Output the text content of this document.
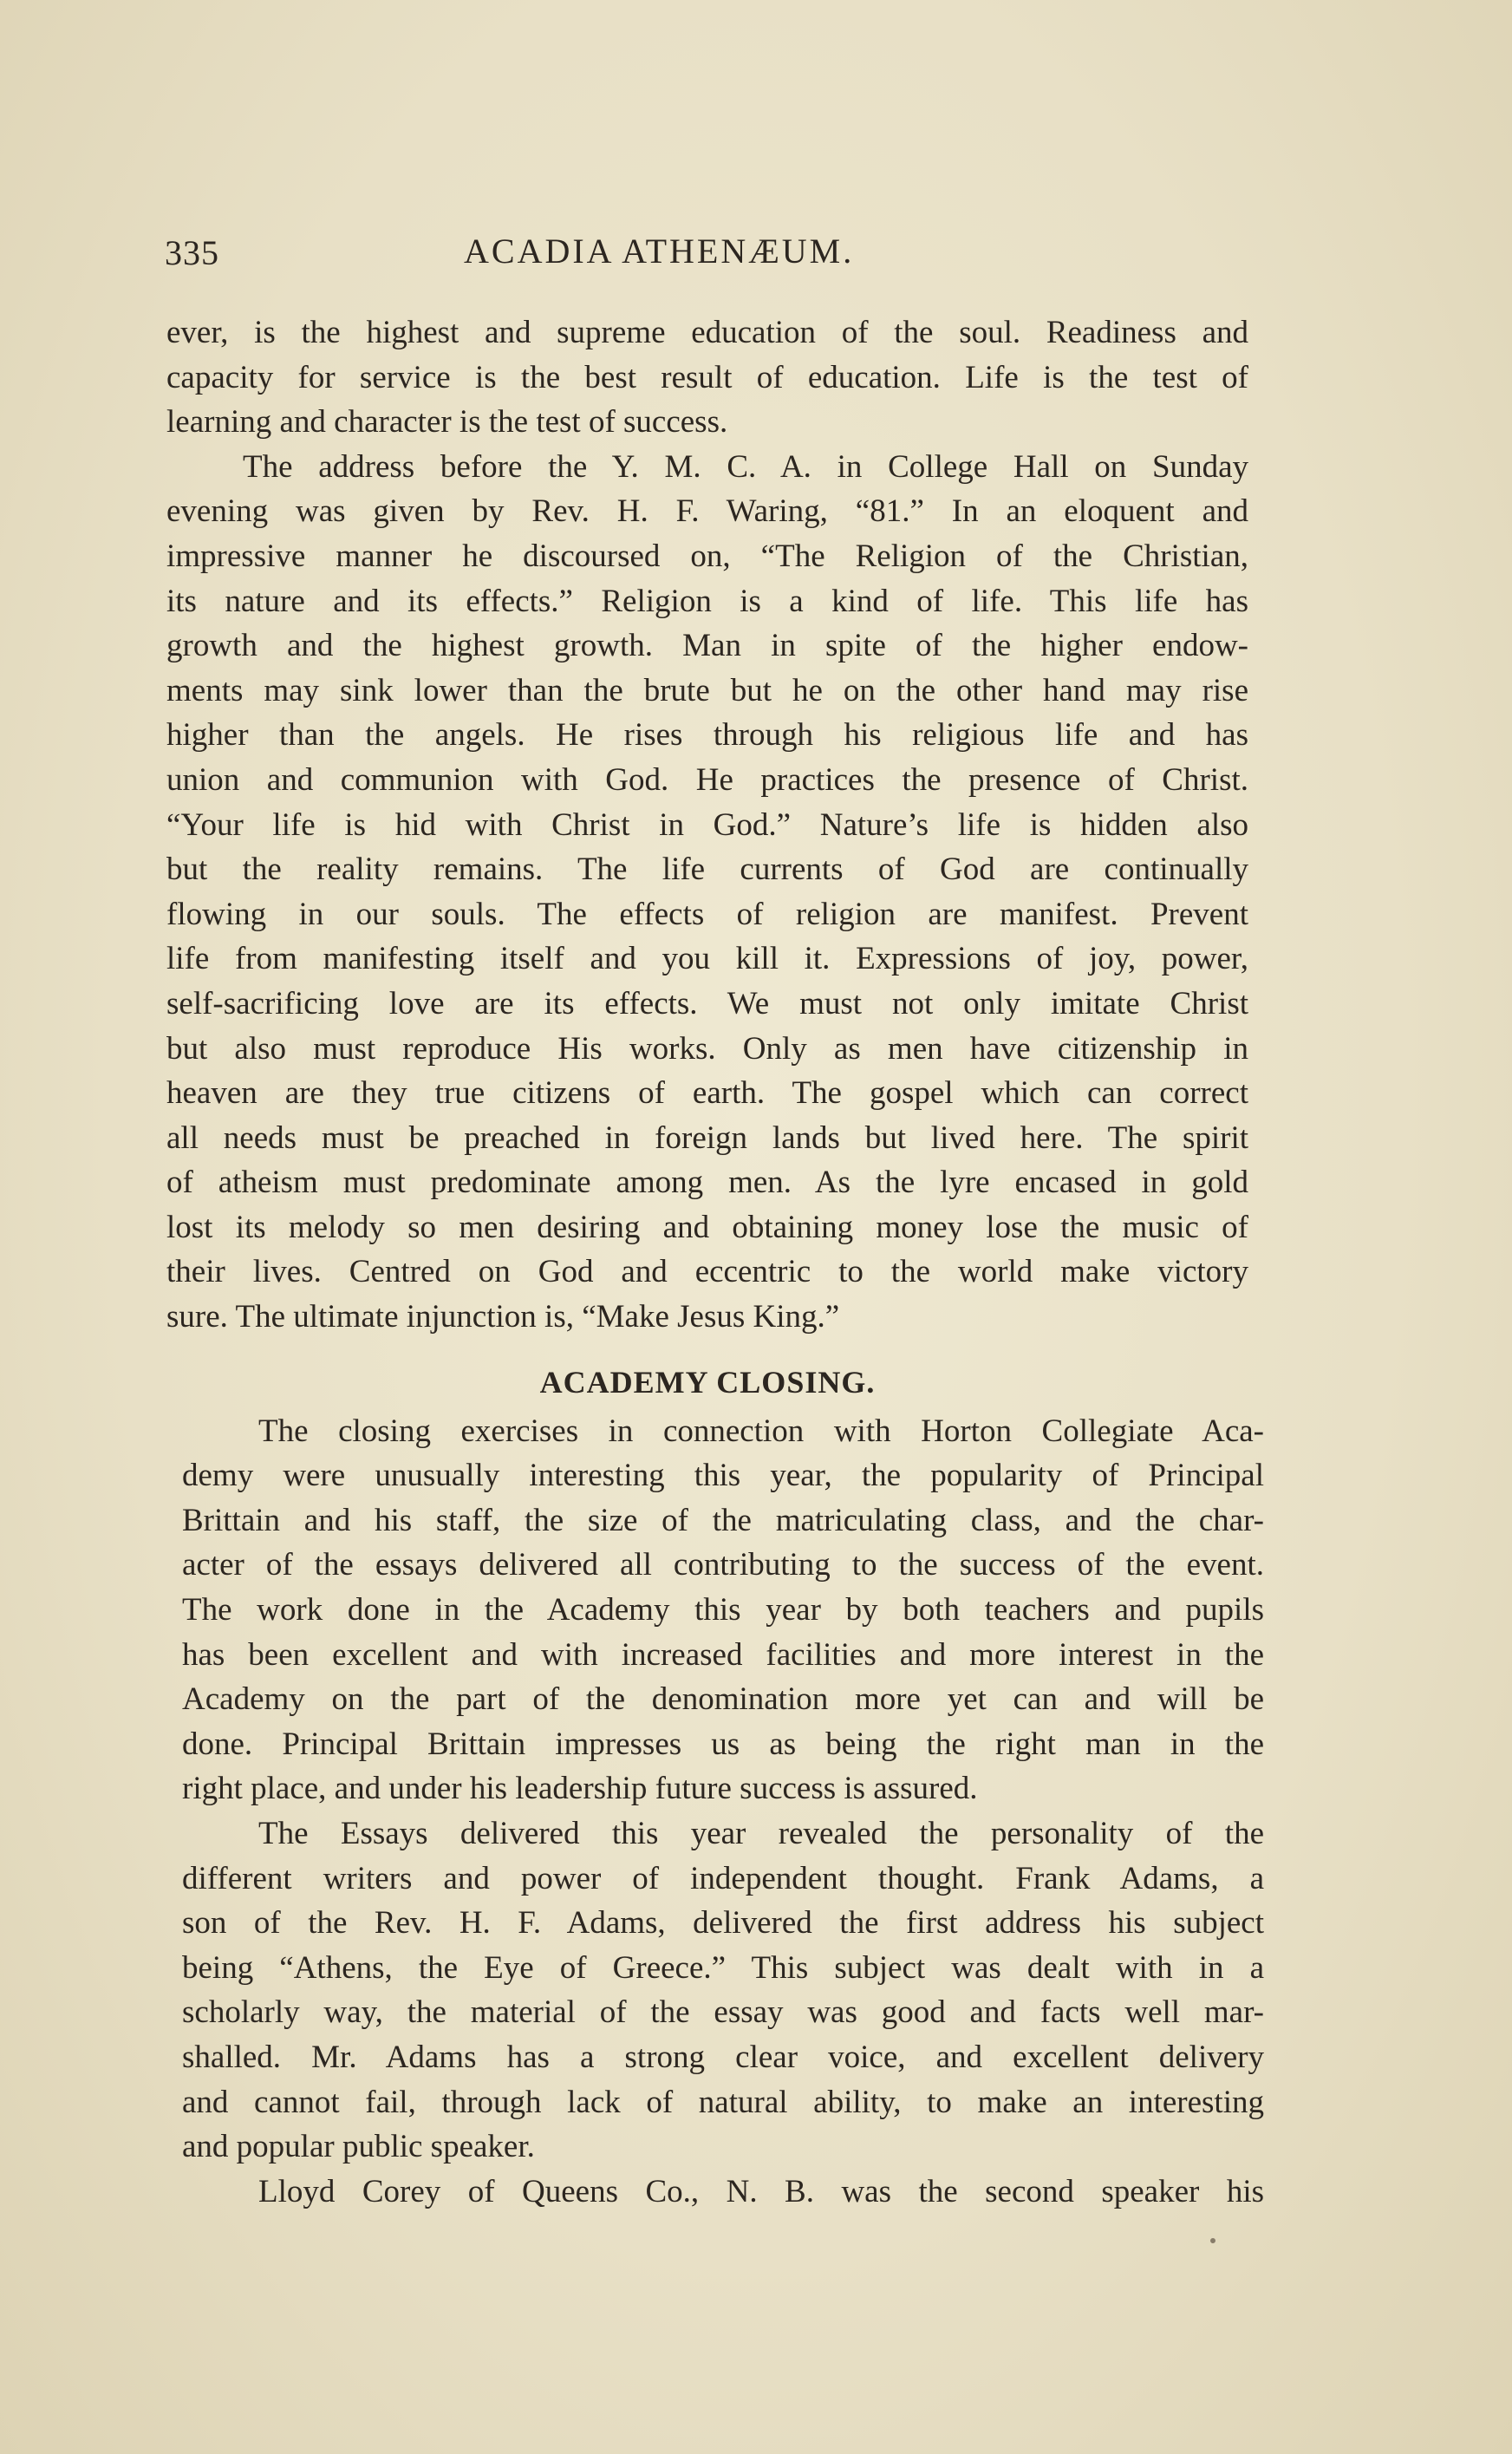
335	ACADIA ATHENÆUM.
ever, is the highest and supreme education of the soul. Readiness and
capacity for service is the best result of education. Life is the test of
learning and character is the test of success.
The address before the Y. M. C. A. in College Hall on Sunday
evening was given by Rev. H. F. Waring, “81.” In an eloquent and
impressive manner he discoursed on, “The Religion of the Christian,
its nature and its effects.” Religion is a kind of life. This life has
growth and the highest growth. Man in spite of the higher endow-
ments may sink lower than the brute but he on the other hand may rise
higher than the angels. He rises through his religious life and has
union and communion with God. He practices the presence of Christ.
“Your life is hid with Christ in God.” Nature’s life is hidden also
but the reality remains. The life currents of God are continually
flowing in our souls. The effects of religion are manifest. Prevent
life from manifesting itself and you kill it. Expressions of joy, power,
self-sacrificing love are its effects. We must not only imitate Christ
but also must reproduce His works. Only as men have citizenship in
heaven are they true citizens of earth. The gospel which can correct
all needs must be preached in foreign lands but lived here. The spirit
of atheism must predominate among men. As the lyre encased in gold
lost its melody so men desiring and obtaining money lose the music of
their lives. Centred on God and eccentric to the world make victory
sure. The ultimate injunction is, “Make Jesus King.”
ACADEMY CLOSING.
The closing exercises in connection with Horton Collegiate Aca-
demy were unusually interesting this year, the popularity of Principal
Brittain and his staff, the size of the matriculating class, and the char-
acter of the essays delivered all contributing to the success of the event.
The work done in the Academy this year by both teachers and pupils
has been excellent and with increased facilities and more interest in the
Academy on the part of the denomination more yet can and will be
done. Principal Brittain impresses us as being the right man in the
right place, and under his leadership future success is assured.
The Essays delivered this year revealed the personality of the
different writers and power of independent thought. Frank Adams, a
son of the Rev. H. F. Adams, delivered the first address his subject
being “Athens, the Eye of Greece.” This subject was dealt with in a
scholarly way, the material of the essay was good and facts well mar-
shalled. Mr. Adams has a strong clear voice, and excellent delivery
and cannot fail, through lack of natural ability, to make an interesting
and popular public speaker.
Lloyd Corey of Queens Co., N. B. was the second speaker his
